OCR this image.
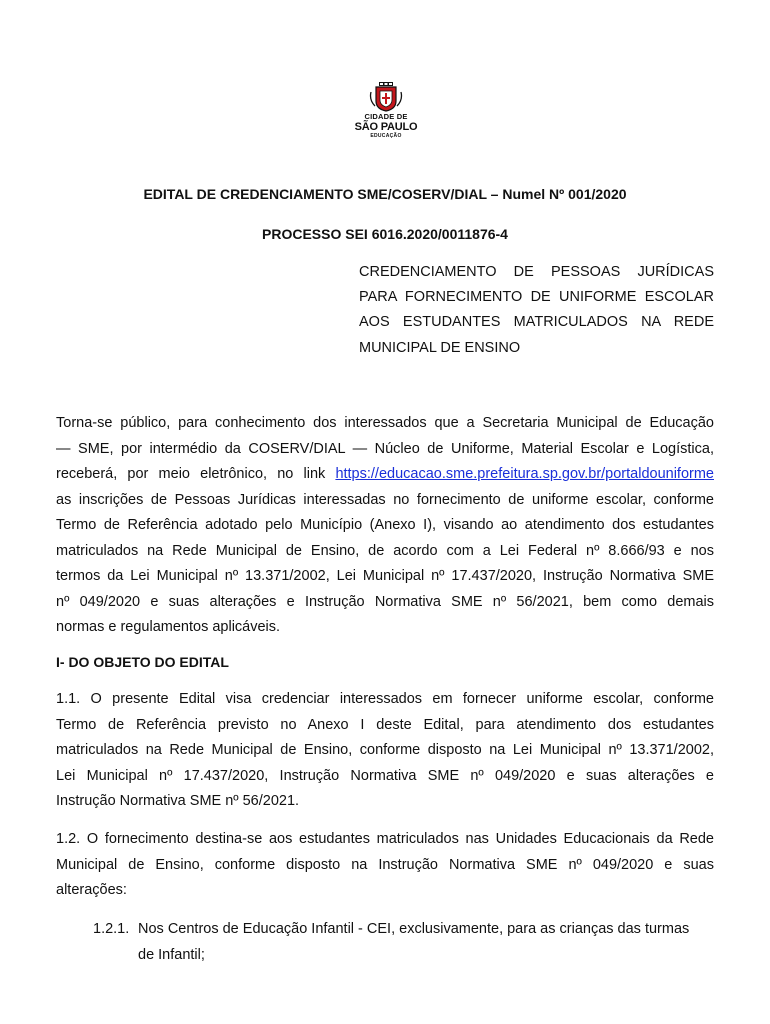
CIDADE DE
SÃO PAULO
EDUCAÇÃO
EDITAL DE CREDENCIAMENTO SME/COSERV/DIAL – Numel Nº 001/2020
PROCESSO SEI 6016.2020/0011876-4
CREDENCIAMENTO DE PESSOAS JURÍDICAS
PARA FORNECIMENTO DE UNIFORME ESCOLAR
AOS ESTUDANTES MATRICULADOS NA REDE
MUNICIPAL DE ENSINO
Torna-se público, para conhecimento dos interessados que a Secretaria Municipal de Educação
— SME, por intermédio da COSERV/DIAL — Núcleo de Uniforme, Material Escolar e Logística,
receberá, por meio eletrônico, no link https://educacao.sme.prefeitura.sp.gov.br/portaldouniforme
as inscrições de Pessoas Jurídicas interessadas no fornecimento de uniforme escolar, conforme
Termo de Referência adotado pelo Município (Anexo I), visando ao atendimento dos estudantes
matriculados na Rede Municipal de Ensino, de acordo com a Lei Federal nº 8.666/93 e nos
termos da Lei Municipal nº 13.371/2002, Lei Municipal nº 17.437/2020, Instrução Normativa SME
nº 049/2020 e suas alterações e Instrução Normativa SME nº 56/2021, bem como demais
normas e regulamentos aplicáveis.
I- DO OBJETO DO EDITAL
1.1. O presente Edital visa credenciar interessados em fornecer uniforme escolar, conforme
Termo de Referência previsto no Anexo I deste Edital, para atendimento dos estudantes
matriculados na Rede Municipal de Ensino, conforme disposto na Lei Municipal nº 13.371/2002,
Lei Municipal nº 17.437/2020, Instrução Normativa SME nº 049/2020 e suas alterações e
Instrução Normativa SME nº 56/2021.
1.2. O fornecimento destina-se aos estudantes matriculados nas Unidades Educacionais da Rede
Municipal de Ensino, conforme disposto na Instrução Normativa SME nº 049/2020 e suas
alterações:
1.2.1. Nos Centros de Educação Infantil - CEI, exclusivamente, para as crianças das turmas
de Infantil;
